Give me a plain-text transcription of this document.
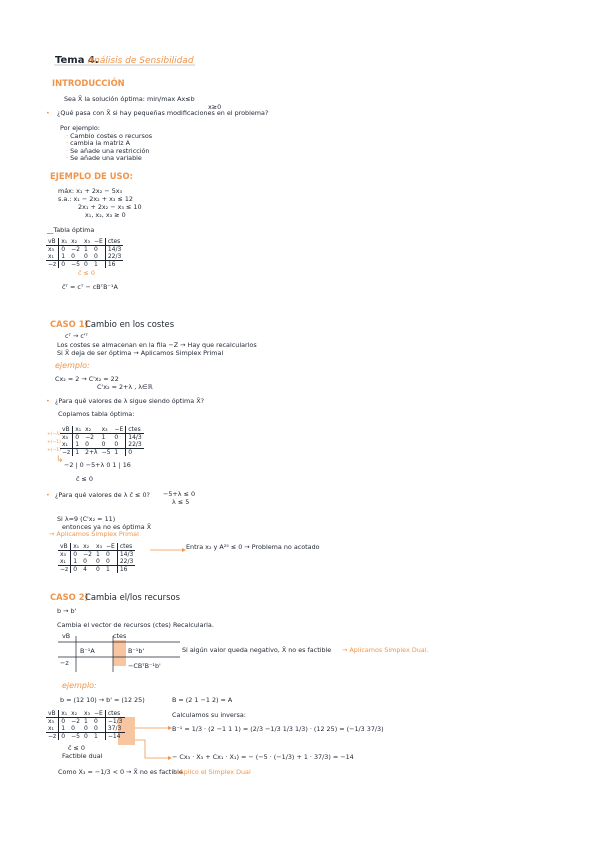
Tema 4.
Análisis de Sensibilidad
INTRODUCCIÓN
Sea X̄ la solución óptima: min/max Ax≤b
x≥0
• ¿Qué pasa con X̄ si hay pequeñas modificaciones en el problema?
Por ejemplo:
· Cambio costes o recursos
· cambia la matriz A
· Se añade una restricción
· Se añade una variable
EJEMPLO DE USO:
máx: x₁ + 2x₂ − 5x₃
s.a.: x₁ − 2x₂ + x₃ ≤ 12
2x₁ + 2x₂ − x₃ ≤ 10
x₁, x₂, x₃ ≥ 0
__Tabla óptima
vB	x₁	x₂	x₃	−E	ctes
x₃	0	−2	1	0	14/3
x₁	1	0	0	0	22/3
−z	0	−5	0	1	16
c̄ ≤ 0
c̄ᵀ = cᵀ − cBᵀB⁻¹A
CASO 1)
Cambio en los costes
cᵀ → c'ᵀ
Los costes se almacenan en la fila −Z → Hay que recalcularlos
Si X̄ deja de ser óptima → Aplicamos Simplex Primal
ejemplo:
Cx₂ = 2 → C'x₂ = 22
C'x₂ = 2+λ , λ∈ℝ
• ¿Para qué valores de λ sigue siendo óptima X̄?
Copiamos tabla óptima:
+(−λ)
+(−1)
+(−1)
vB	x₁	x₂	x₃	−E	ctes
x₃	0	−2	1	0	14/3
x₁	1	0	0	0	22/3
−z	1	2+λ	−5	1	0
↳ −2 | 0 −5+λ 0 1 | 16
c̄ ≤ 0
• ¿Para qué valores de λ c̄ ≤ 0? −5+λ ≤ 0
λ ≤ 5
Si λ=9 (C'x₂ = 11)
entonces ya no es óptima X̄
→ Aplicamos Simplex Primal
vB	x₁	x₂	x₃	−E	ctes
x₃	0	−2	1	0	14/3
x₁	1	0	0	0	22/3
−z	0	4	0	1	16
Entra x₂ y A²⁵ ≤ 0 → Problema no acotado
CASO 2)
Cambia el/los recursos
b → b'
Cambia el vector de recursos (ctes) Recalcularla.
vB	ctes
B⁻¹A	B⁻¹b'
−z	−CBᵀB⁻¹b'
Si algún valor queda negativo, X̄ no es factible → Aplicamos Simplex Dual.
ejemplo:
b = (12 10) → b' = (12 25)	B = (2 1 −1 2) = A
Calculamos su inversa:
B⁻¹ = 1/3 · (2 −1 1 1) = (2/3 −1/3 1/3 1/3) · (12 25) = (−1/3 37/3)
vB	x₁	x₂	x₃	−E	ctes
x₃	0	−2	1	0	−1/3
x₁	1	0	0	0	37/3
−z	0	−5	0	1	−14
c̄ ≤ 0
Factible dual	− Cx₃ · X₃ + Cx₁ · X₁) = − (−5 · (−1/3) + 1 · 37/3) = −14
Como X₃ = −1/3 < 0 → X̄ no es factible
→ Aplico el Simplex Dual
